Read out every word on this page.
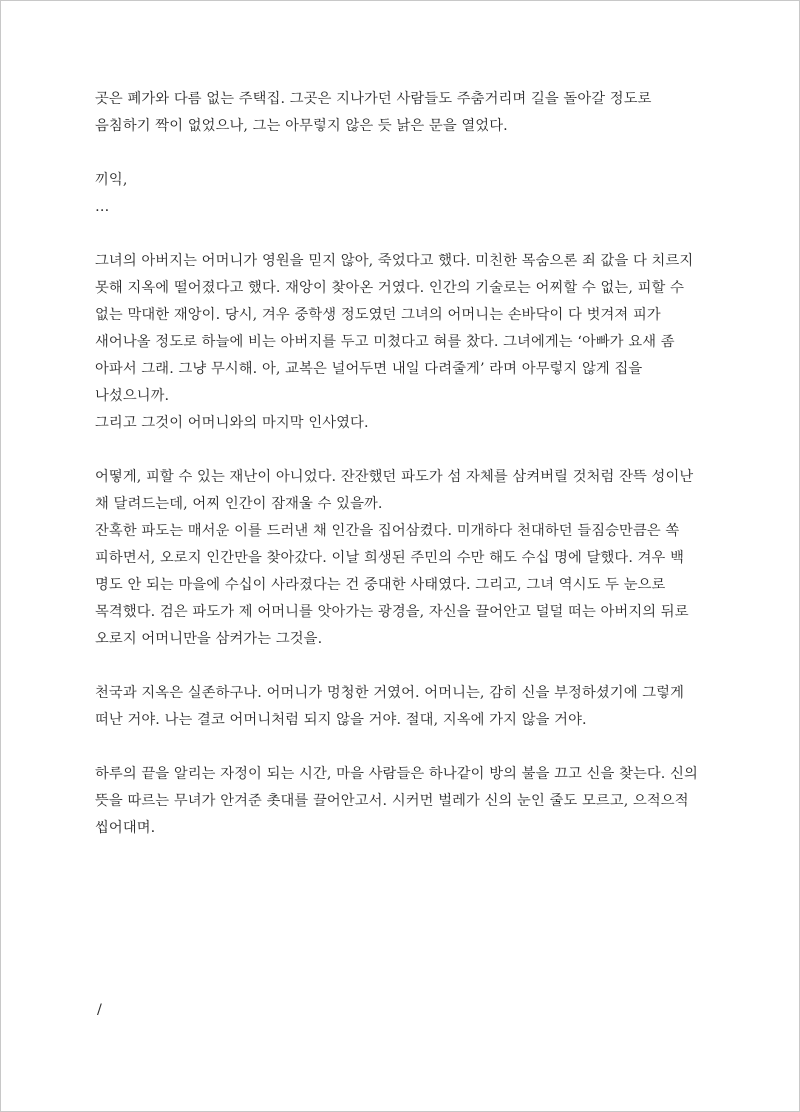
곳은 폐가와 다름 없는 주택집. 그곳은 지나가던 사람들도 주춤거리며 길을 돌아갈 정도로
음침하기 짝이 없었으나, 그는 아무렇지 않은 듯 낡은 문을 열었다.
끼익,
…
그녀의 아버지는 어머니가 영원을 믿지 않아, 죽었다고 했다. 미친한 목숨으론 죄 값을 다 치르지
못해 지옥에 떨어졌다고 했다. 재앙이 찾아온 거였다. 인간의 기술로는 어찌할 수 없는, 피할 수
없는 막대한 재앙이. 당시, 겨우 중학생 정도였던 그녀의 어머니는 손바닥이 다 벗겨져 피가
새어나올 정도로 하늘에 비는 아버지를 두고 미쳤다고 혀를 찼다. 그녀에게는 ‘아빠가 요새 좀
아파서 그래. 그냥 무시해. 아, 교복은 널어두면 내일 다려줄게’ 라며 아무렇지 않게 집을
나섰으니까.
그리고 그것이 어머니와의 마지막 인사였다.
어떻게, 피할 수 있는 재난이 아니었다. 잔잔했던 파도가 섬 자체를 삼켜버릴 것처럼 잔뜩 성이난
채 달려드는데, 어찌 인간이 잠재울 수 있을까.
잔혹한 파도는 매서운 이를 드러낸 채 인간을 집어삼켰다. 미개하다 천대하던 들짐승만큼은 쏙
피하면서, 오로지 인간만을 찾아갔다. 이날 희생된 주민의 수만 해도 수십 명에 달했다. 겨우 백
명도 안 되는 마을에 수십이 사라졌다는 건 중대한 사태였다. 그리고, 그녀 역시도 두 눈으로
목격했다. 검은 파도가 제 어머니를 앗아가는 광경을, 자신을 끌어안고 덜덜 떠는 아버지의 뒤로
오로지 어머니만을 삼켜가는 그것을.
천국과 지옥은 실존하구나. 어머니가 멍청한 거였어. 어머니는, 감히 신을 부정하셨기에 그렇게
떠난 거야. 나는 결코 어머니처럼 되지 않을 거야. 절대, 지옥에 가지 않을 거야.
하루의 끝을 알리는 자정이 되는 시간, 마을 사람들은 하나같이 방의 불을 끄고 신을 찾는다. 신의
뜻을 따르는 무녀가 안겨준 촛대를 끌어안고서. 시커먼 벌레가 신의 눈인 줄도 모르고, 으적으적
씹어대며.
/
